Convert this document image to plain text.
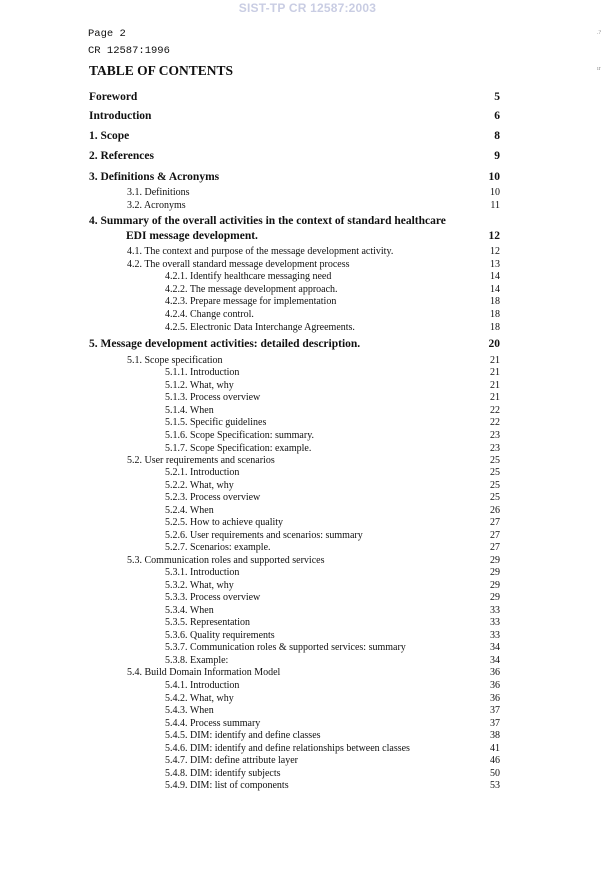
SIST-TP CR 12587:2003
Page 2
CR 12587:1996
TABLE OF CONTENTS
Foreword	5
Introduction	6
1. Scope	8
2. References	9
3. Definitions & Acronyms	10
3.1. Definitions	10
3.2. Acronyms	11
4. Summary of the overall activities in the context of standard healthcare
EDI message development.	12
4.1. The context and purpose of the message development activity.	12
4.2. The overall standard message development process	13
4.2.1. Identify healthcare messaging need	14
4.2.2. The message development approach.	14
4.2.3. Prepare message for implementation	18
4.2.4. Change control.	18
4.2.5. Electronic Data Interchange Agreements.	18
5. Message development activities: detailed description.	20
5.1. Scope specification	21
5.1.1. Introduction	21
5.1.2. What, why	21
5.1.3. Process overview	21
5.1.4. When	22
5.1.5. Specific guidelines	22
5.1.6. Scope Specification: summary.	23
5.1.7. Scope Specification: example.	23
5.2. User requirements and scenarios	25
5.2.1. Introduction	25
5.2.2. What, why	25
5.2.3. Process overview	25
5.2.4. When	26
5.2.5. How to achieve quality	27
5.2.6. User requirements and scenarios: summary	27
5.2.7. Scenarios: example.	27
5.3. Communication roles and supported services	29
5.3.1. Introduction	29
5.3.2. What, why	29
5.3.3. Process overview	29
5.3.4. When	33
5.3.5. Representation	33
5.3.6. Quality requirements	33
5.3.7. Communication roles & supported services: summary	34
5.3.8. Example:	34
5.4. Build Domain Information Model	36
5.4.1. Introduction	36
5.4.2. What, why	36
5.4.3. When	37
5.4.4. Process summary	37
5.4.5. DIM: identify and define classes	38
5.4.6. DIM: identify and define relationships between classes	41
5.4.7. DIM: define attribute layer	46
5.4.8. DIM: identify subjects	50
5.4.9. DIM: list of components	53
.?
ır
